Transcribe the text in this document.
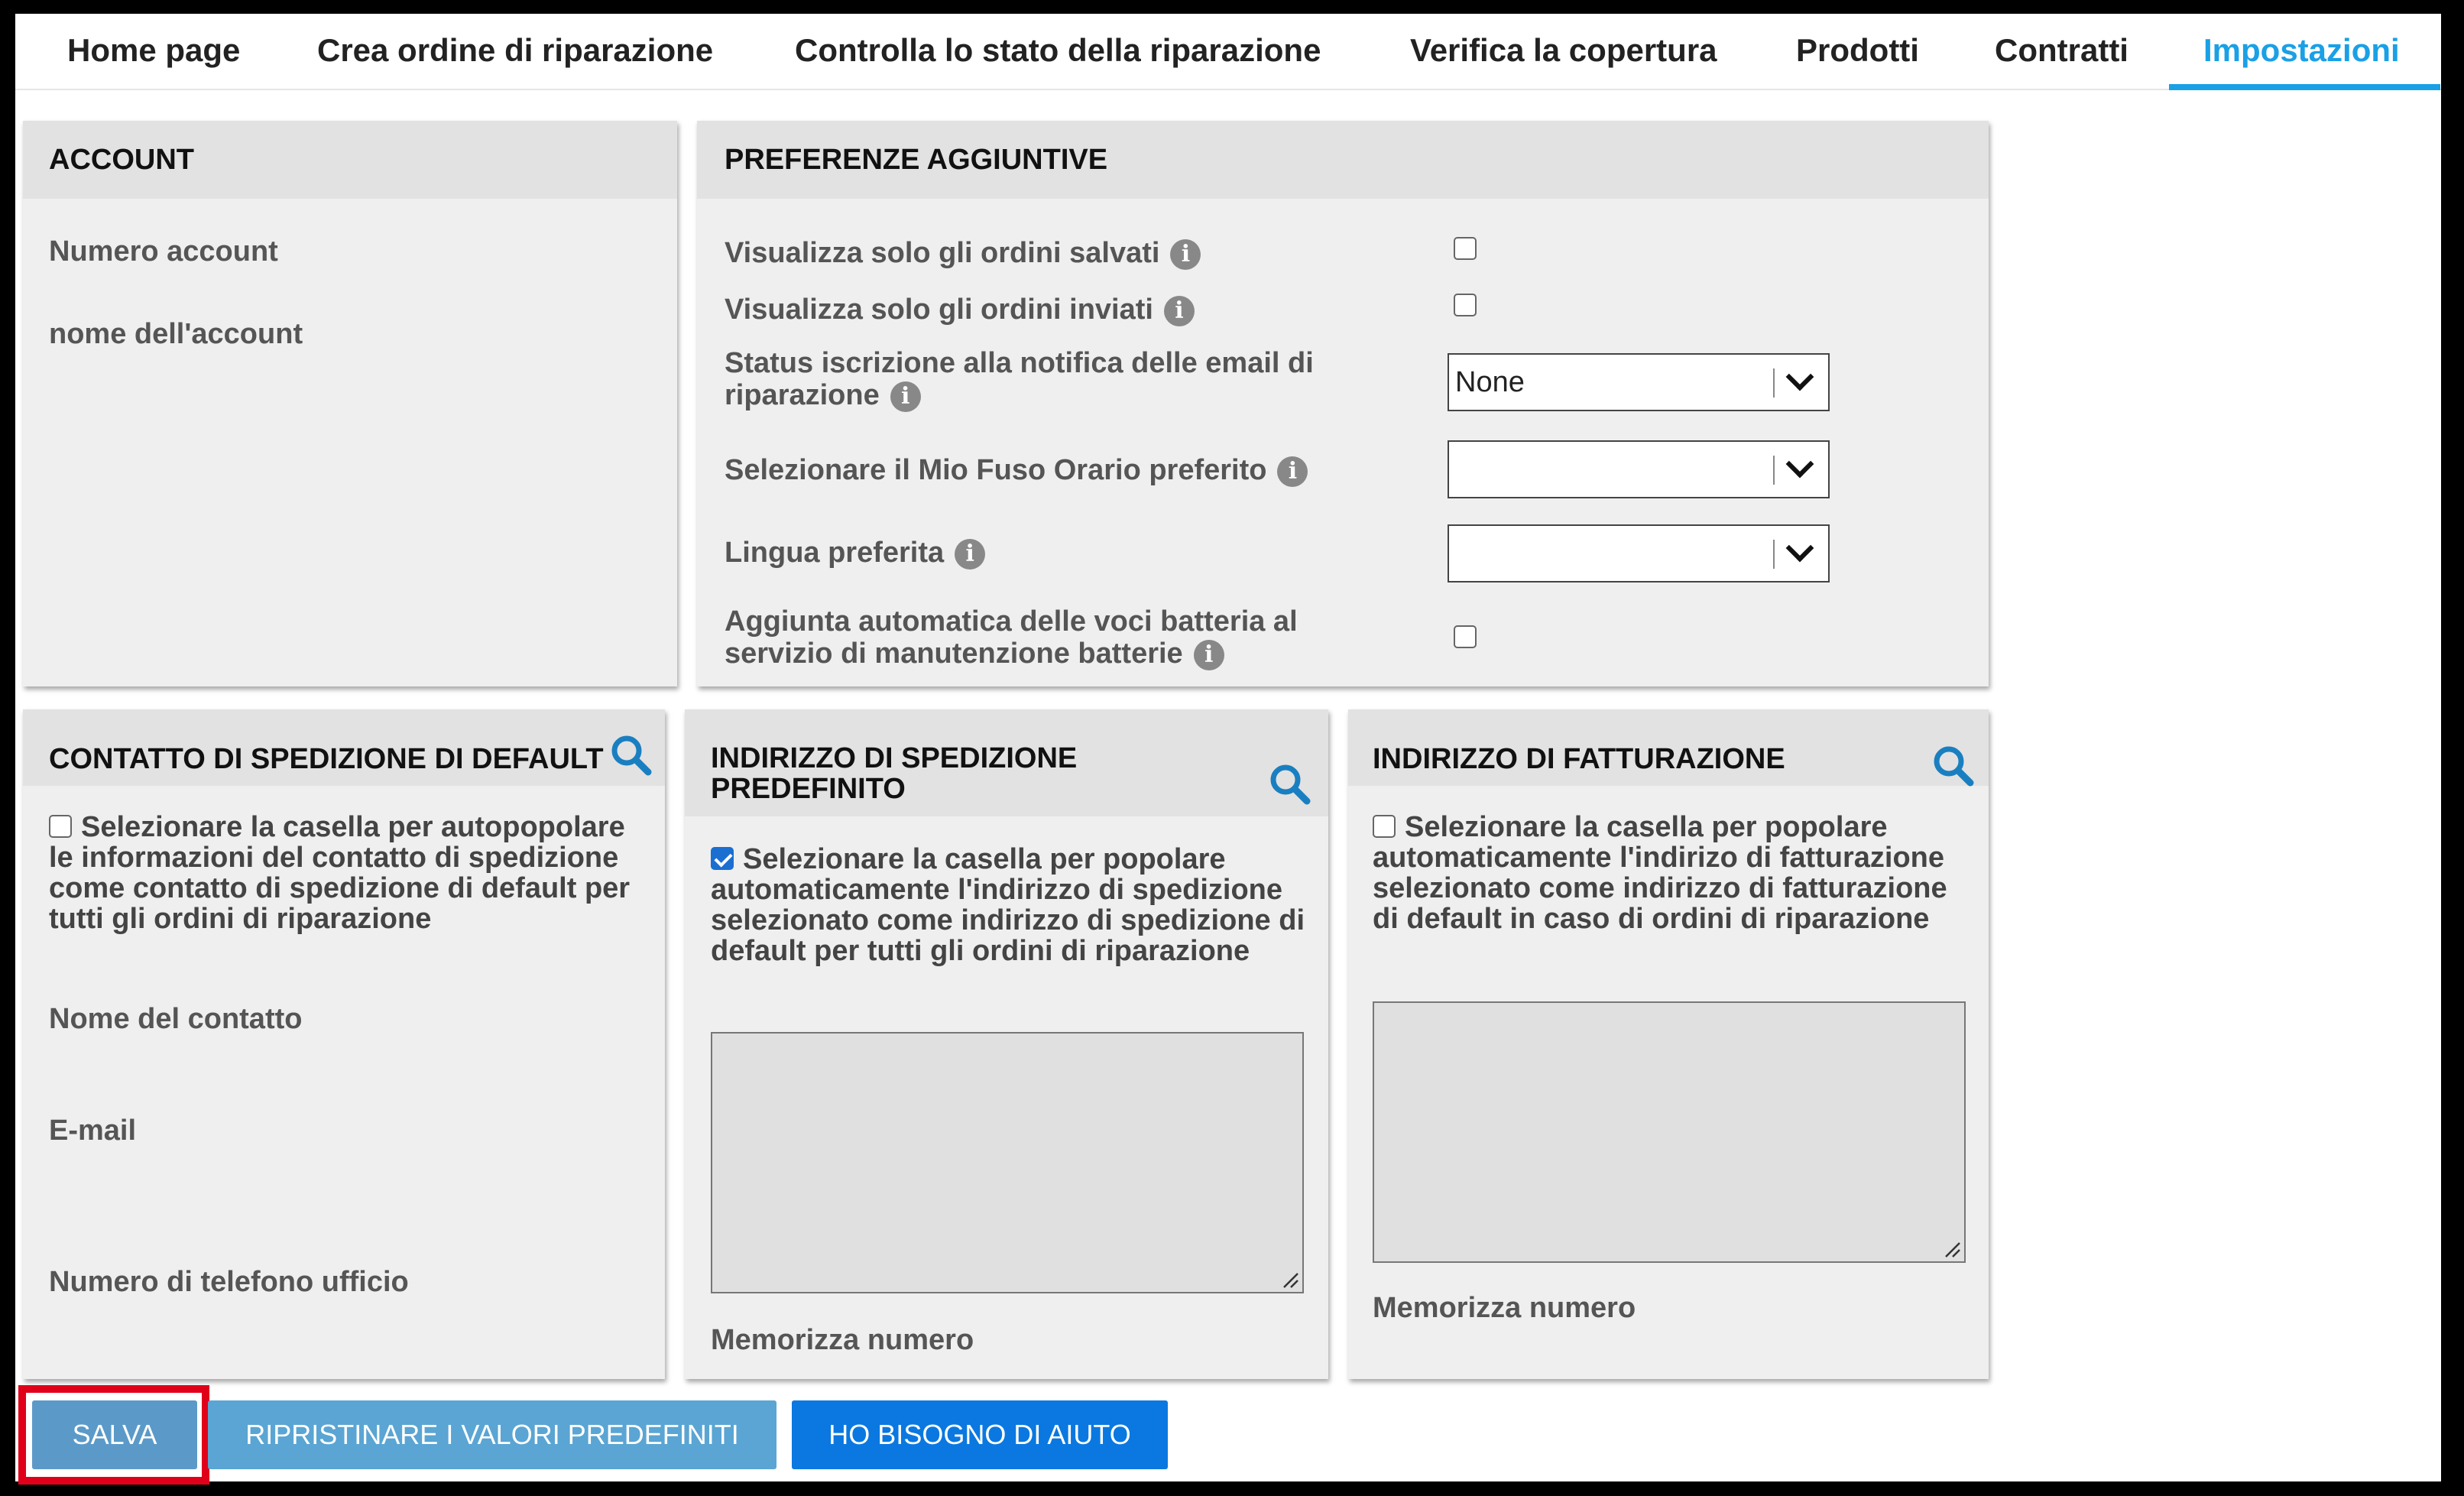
Home page Crea ordine di riparazione	Controlla lo stato della riparazione	Verifica la copertura Prodotti Contratti Impostazioni
ACCOUNT
Numero account
nome dell'account
PREFERENZE AGGIUNTIVE
Visualizza solo gli ordini salvati i
Visualizza solo gli ordini inviati i
Status iscrizione alla notifica delle email di riparazione i	None
Selezionare il Mio Fuso Orario preferito i
Lingua preferita i
Aggiunta automatica delle voci batteria al servizio di manutenzione batterie i
CONTATTO DI SPEDIZIONE DI DEFAULT
Selezionare la casella per autopopolare le informazioni del contatto di spedizione come contatto di spedizione di default per tutti gli ordini di riparazione
Nome del contatto
E-mail
Numero di telefono ufficio
INDIRIZZO DI SPEDIZIONE PREDEFINITO
Selezionare la casella per popolare automaticamente l'indirizzo di spedizione selezionato come indirizzo di spedizione di default per tutti gli ordini di riparazione
Memorizza numero
INDIRIZZO DI FATTURAZIONE
Selezionare la casella per popolare automaticamente l'indirizo di fatturazione selezionato come indirizzo di fatturazione di default in caso di ordini di riparazione
Memorizza numero
SALVA	RIPRISTINARE I VALORI PREDEFINITI	HO BISOGNO DI AIUTO
